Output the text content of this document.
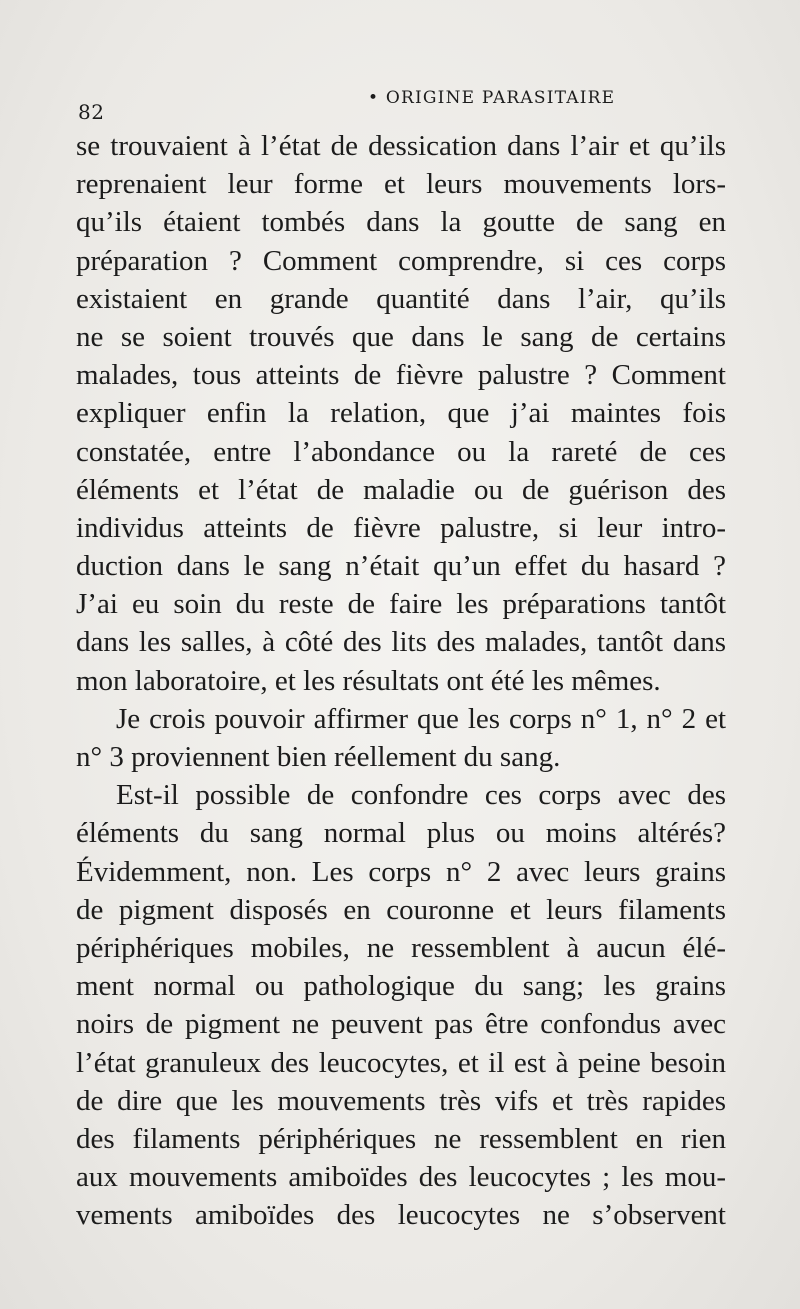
82
• ORIGINE PARASITAIRE
se trouvaient à l’état de dessication dans l’air et qu’ils
reprenaient leur forme et leurs mouvements lors-
qu’ils étaient tombés dans la goutte de sang en
préparation ? Comment comprendre, si ces corps
existaient en grande quantité dans l’air, qu’ils
ne se soient trouvés que dans le sang de certains
malades, tous atteints de fièvre palustre ? Comment
expliquer enfin la relation, que j’ai maintes fois
constatée, entre l’abondance ou la rareté de ces
éléments et l’état de maladie ou de guérison des
individus atteints de fièvre palustre, si leur intro-
duction dans le sang n’était qu’un effet du hasard ?
J’ai eu soin du reste de faire les préparations tantôt
dans les salles, à côté des lits des malades, tantôt dans
mon laboratoire, et les résultats ont été les mêmes.
Je crois pouvoir affirmer que les corps n° 1, n° 2 et
n° 3 proviennent bien réellement du sang.
Est-il possible de confondre ces corps avec des
éléments du sang normal plus ou moins altérés?
Évidemment, non. Les corps n° 2 avec leurs grains
de pigment disposés en couronne et leurs filaments
périphériques mobiles, ne ressemblent à aucun élé-
ment normal ou pathologique du sang; les grains
noirs de pigment ne peuvent pas être confondus avec
l’état granuleux des leucocytes, et il est à peine besoin
de dire que les mouvements très vifs et très rapides
des filaments périphériques ne ressemblent en rien
aux mouvements amiboïdes des leucocytes ; les mou-
vements amiboïdes des leucocytes ne s’observent
